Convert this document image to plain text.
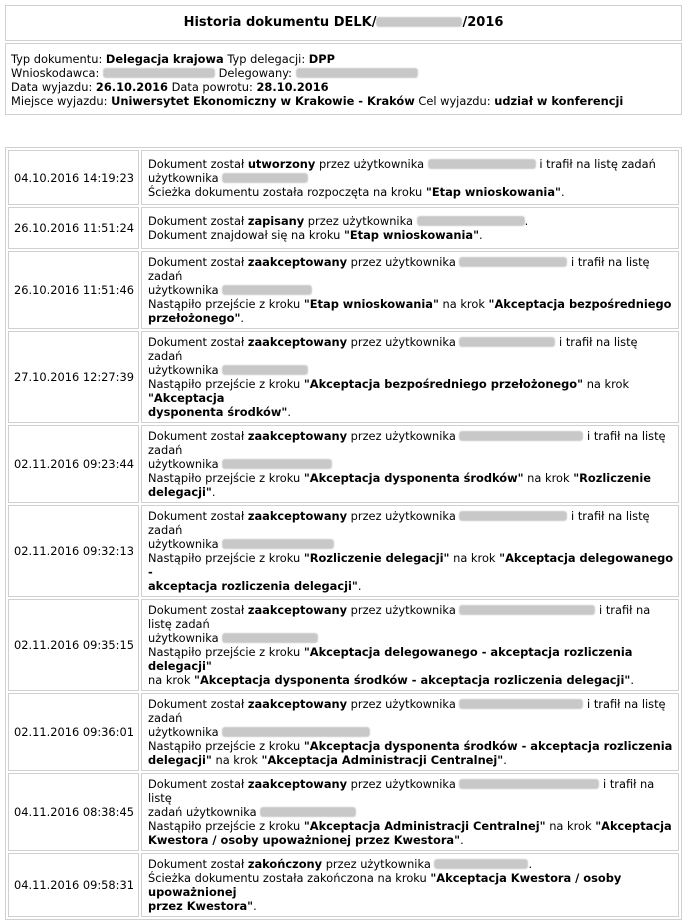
Historia dokumentu DELK/	/2016
Typ dokumentu: Delegacja krajowa Typ delegacji: DPP
Wnioskodawca:	Delegowany:
Data wyjazdu: 26.10.2016 Data powrotu: 28.10.2016
Miejsce wyjazdu: Uniwersytet Ekonomiczny w Krakowie - Kraków Cel wyjazdu: udział w konferencji
04.10.2016 14:19:23	Dokument został utworzony przez użytkownika i trafił na listę zadań
użytkownika
Ścieżka dokumentu została rozpoczęta na kroku "Etap wnioskowania".

26.10.2016 11:51:24	Dokument został zapisany przez użytkownika .
Dokument znajdował się na kroku "Etap wnioskowania".

26.10.2016 11:51:46	Dokument został zaakceptowany przez użytkownika i trafił na listę zadań
użytkownika
Nastąpiło przejście z kroku "Etap wnioskowania" na krok "Akceptacja bezpośredniego
przełożonego".

27.10.2016 12:27:39	Dokument został zaakceptowany przez użytkownika i trafił na listę zadań
użytkownika
Nastąpiło przejście z kroku "Akceptacja bezpośredniego przełożonego" na krok "Akceptacja
dysponenta środków".

02.11.2016 09:23:44	Dokument został zaakceptowany przez użytkownika i trafił na listę zadań
użytkownika
Nastąpiło przejście z kroku "Akceptacja dysponenta środków" na krok "Rozliczenie
delegacji".

02.11.2016 09:32:13	Dokument został zaakceptowany przez użytkownika i trafił na listę zadań
użytkownika
Nastąpiło przejście z kroku "Rozliczenie delegacji" na krok "Akceptacja delegowanego -
akceptacja rozliczenia delegacji".

02.11.2016 09:35:15	Dokument został zaakceptowany przez użytkownika i trafił na listę zadań
użytkownika
Nastąpiło przejście z kroku "Akceptacja delegowanego - akceptacja rozliczenia delegacji"
na krok "Akceptacja dysponenta środków - akceptacja rozliczenia delegacji".

02.11.2016 09:36:01	Dokument został zaakceptowany przez użytkownika i trafił na listę zadań
użytkownika
Nastąpiło przejście z kroku "Akceptacja dysponenta środków - akceptacja rozliczenia
delegacji" na krok "Akceptacja Administracji Centralnej".

04.11.2016 08:38:45	Dokument został zaakceptowany przez użytkownika i trafił na listę
zadań użytkownika
Nastąpiło przejście z kroku "Akceptacja Administracji Centralnej" na krok "Akceptacja
Kwestora / osoby upoważnionej przez Kwestora".

04.11.2016 09:58:31	Dokument został zakończony przez użytkownika .
Ścieżka dokumentu została zakończona na kroku "Akceptacja Kwestora / osoby upoważnionej
przez Kwestora".
